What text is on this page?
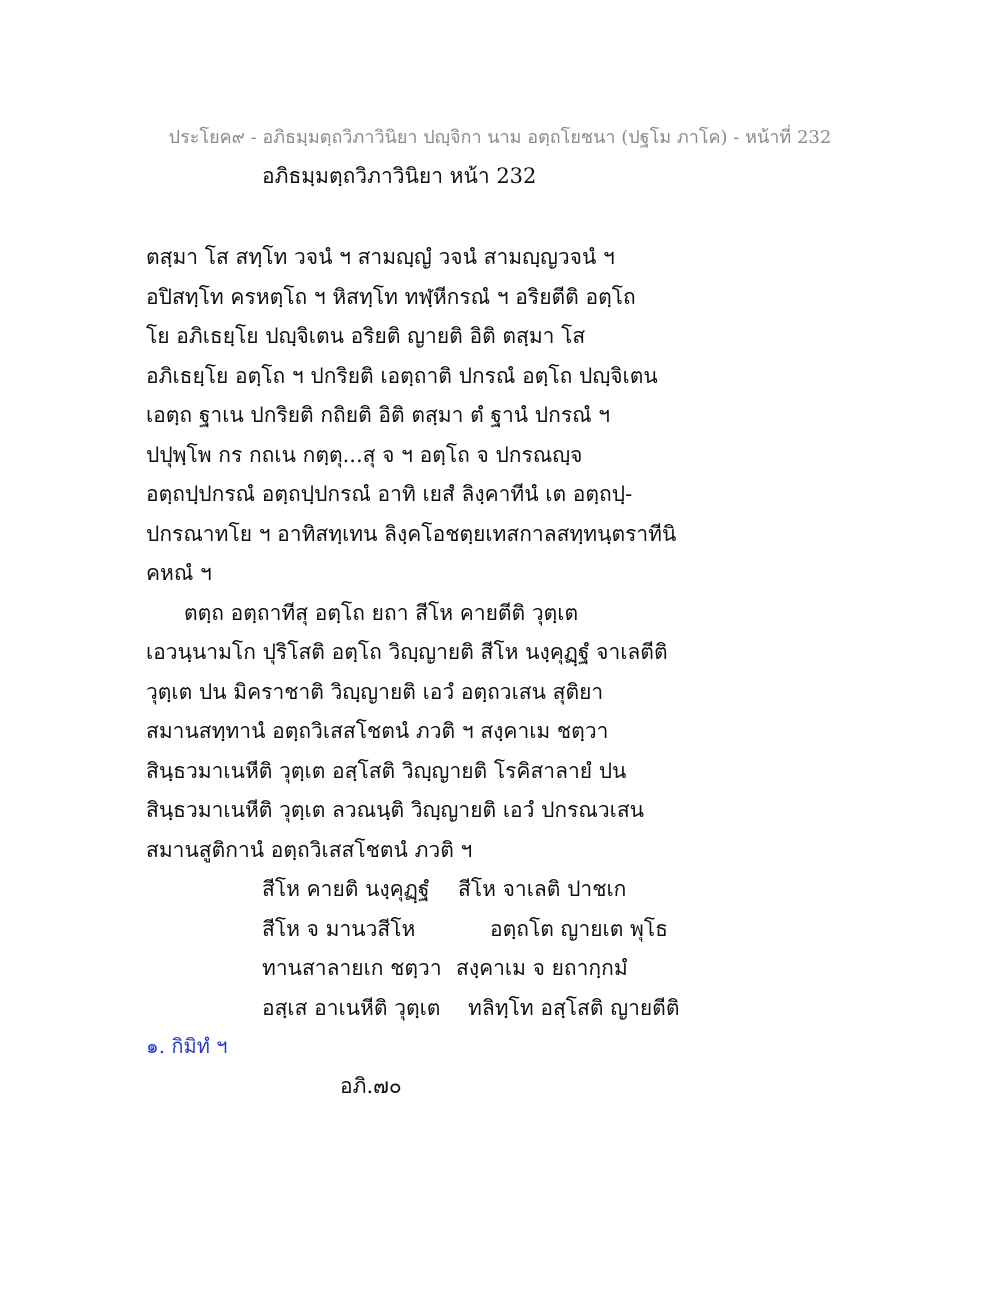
ประโยค๙ - อภิธมฺมตฺถวิภาวินิยา ปญฺจิกา นาม อตฺถโยชนา (ปฐโม ภาโค) - หน้าที่ 232
อภิธมฺมตฺถวิภาวินิยา หน้า 232
ตสฺมา โส สทฺโท วจนํ ฯ สามญฺญํ วจนํ สามญฺญวจนํ ฯ
อปิสทฺโท ครหตฺโถ ฯ หิสทฺโท ทฬฺหีกรณํ ฯ อริยตีติ อตฺโถ
โย อภิเธยฺโย ปญฺจิเตน อริยติ ญายติ อิติ ตสฺมา โส
อภิเธยฺโย อตฺโถ ฯ ปกริยติ เอตฺถาติ ปกรณํ อตฺโถ ปญฺจิเตน
เอตฺถ ฐาเน ปกริยติ กถิยติ อิติ ตสฺมา ตํ ฐานํ ปกรณํ ฯ
ปปุพฺโพ กร กถเน กตฺตุ...สุ จ ฯ อตฺโถ จ ปกรณญฺจ
อตฺถปฺปกรณํ อตฺถปฺปกรณํ อาทิ เยสํ ลิงฺคาทีนํ เต อตฺถปฺ-
ปกรณาทโย ฯ อาทิสทฺเทน ลิงฺคโอชตฺยเทสกาลสทฺทนฺตราทีนิ
คหณํ ฯ
ตตฺถ อตฺถาทีสุ อตฺโถ ยถา สีโห คายตีติ วุตฺเต
เอวนฺนามโก ปุริโสติ อตฺโถ วิญฺญายติ สีโห นงฺคุฏฺฐํ จาเลตีติ
วุตฺเต ปน มิคราชาติ วิญฺญายติ เอวํ อตฺถวเสน สุติยา
สมานสทฺทานํ อตฺถวิเสสโชตนํ ภวติ ฯ สงฺคาเม ชตฺวา
สินฺธวมาเนหีติ วุตฺเต อสฺโสติ วิญฺญายติ โรคิสาลายํ ปน
สินฺธวมาเนหีติ วุตฺเต ลวณนฺติ วิญฺญายติ เอวํ ปกรณวเสน
สมานสูติกานํ อตฺถวิเสสโชตนํ ภวติ ฯ
สีโห คายติ นงฺคุฏฺฐํ สีโห จาเลติ ปาชเก
สีโห จ มานวสีโห	อตฺถโต ญายเต พุโธ
ทานสาลายเก ชตฺวา สงฺคาเม จ ยถากฺกมํ
อสฺเส อาเนหีติ วุตฺเต ทลิทฺโท อสฺโสติ ญายตีติ
๑. กิมิทํ ฯ
อภิ.๗๐
